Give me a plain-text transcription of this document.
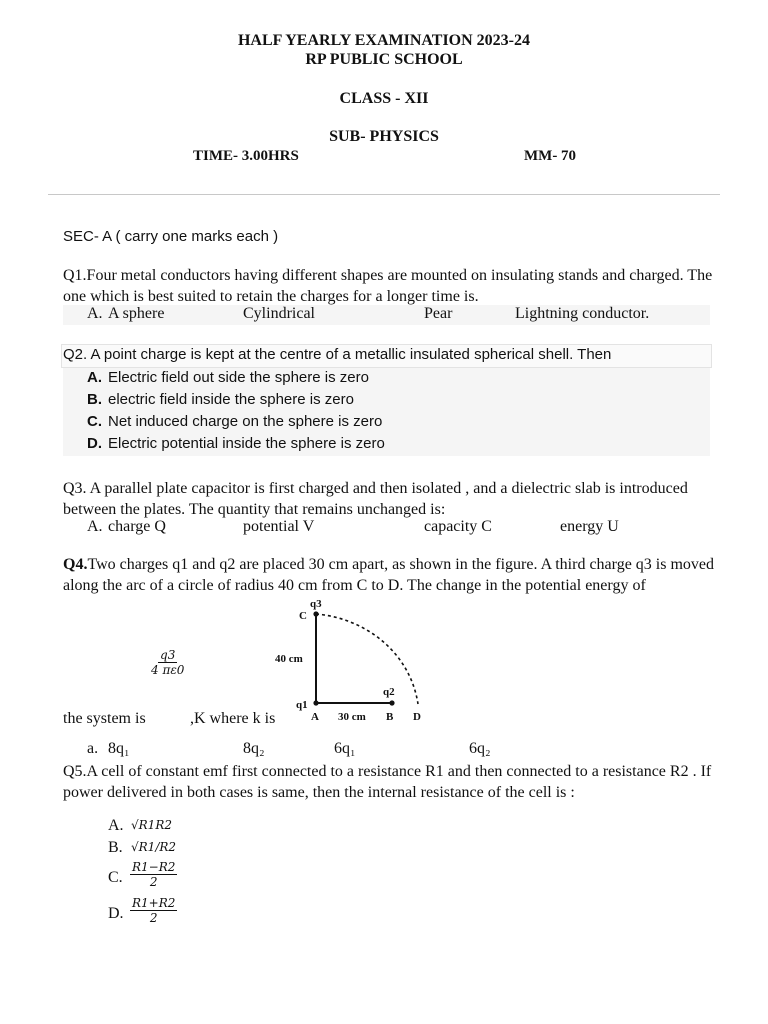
HALF YEARLY EXAMINATION 2023-24
RP PUBLIC SCHOOL
CLASS - XII
SUB- PHYSICS
TIME- 3.00HRS	MM- 70
SEC- A ( carry one marks each )
Q1.Four metal conductors having different shapes are mounted on insulating stands and charged. The one which is best suited to retain the charges for a longer time is.
A. A sphere	Cylindrical	Pear	Lightning conductor.
Q2. A point charge is kept at the centre of a metallic insulated spherical shell. Then
A. Electric field out side the sphere is zero
B. electric field inside the sphere is zero
C. Net induced charge on the sphere is zero
D. Electric potential inside the sphere is zero
Q3. A parallel plate capacitor is first charged and then isolated , and a dielectric slab is introduced between the plates. The quantity that remains unchanged is:
A. charge Q	potential V	capacity C	energy U
Q4.Two charges q1 and q2 are placed 30 cm apart, as shown in the figure. A third charge q3 is moved along the arc of a circle of radius 40 cm from C to D. The change in the potential energy of
$\frac{q3}{4 \pi\varepsilon 0}$
the system is	,K where k is
q3
C
40 cm
q2
q1
A 30 cm B D
a. 8q₁	8q₂	6q₁	6q₂
Q5.A cell of constant emf first connected to a resistance R1 and then connected to a resistance R2 . If power delivered in both cases is same, then the internal resistance of the cell is :
A. √R1R2
B. √R1/R2
C. $\frac{R1-R2}{2}$
D. $\frac{R1+R2}{2}$
